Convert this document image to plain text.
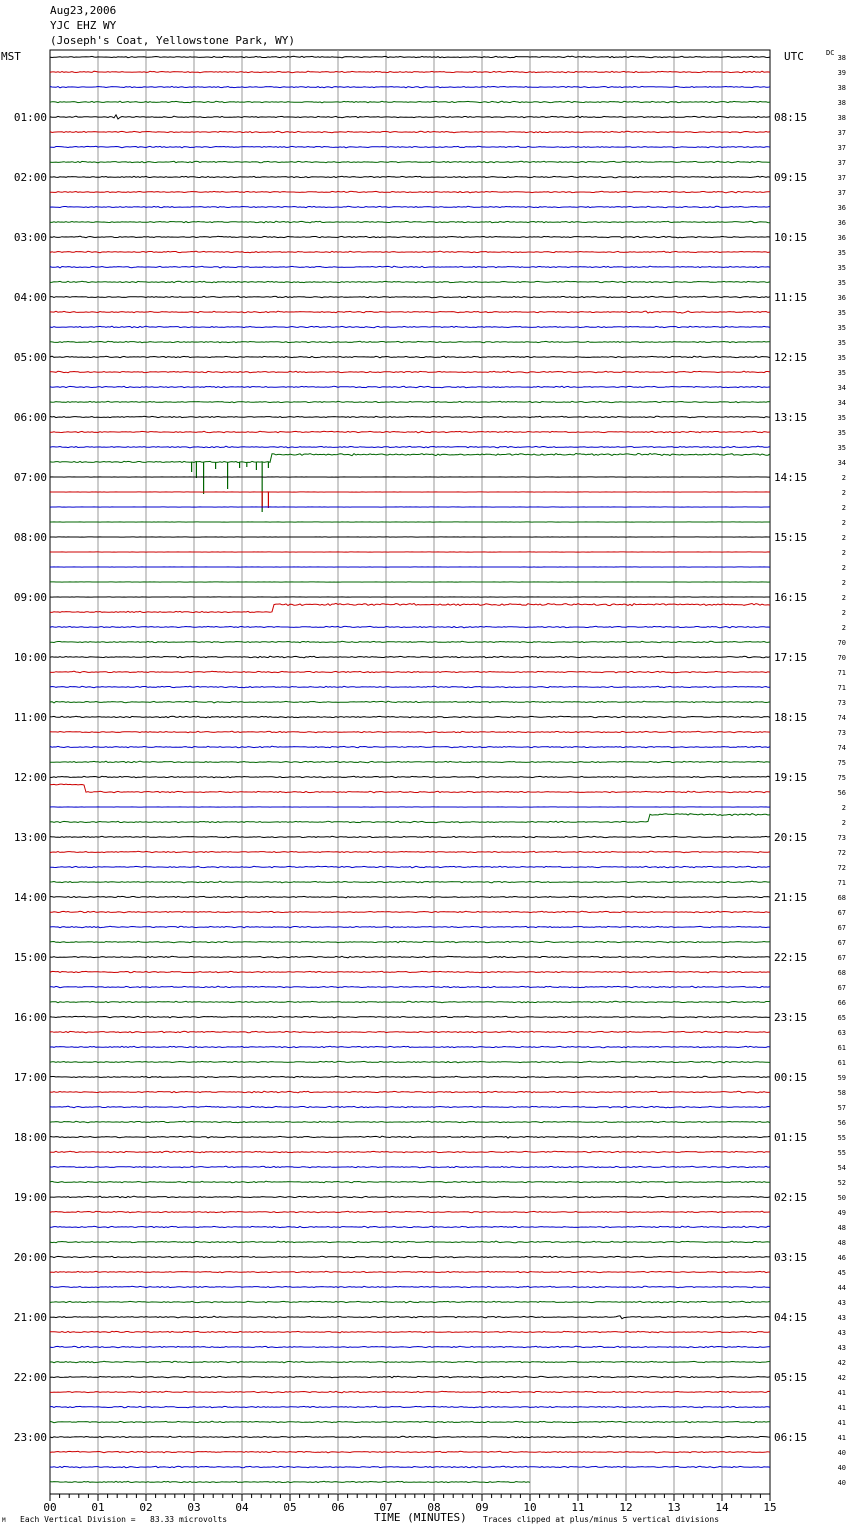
Aug23,2006
YJC EHZ WY
(Joseph's Coat, Yellowstone Park, WY)
MST	UTC	DC
00	01	02	03	04	05	06	07	08	09	10	11	12	13	14	15
38
39
38
38
38
37
37
37
37
37
36
36
36
35
35
35
36
35
35
35
35
35
34
34
35
35
35
34
2
2
2
2
2
2
2
2
2
2
2
70
70
71
71
73
74
73
74
75
75
56
2
2
73
72
72
71
68
67
67
67
67
68
67
66
65
63
61
61
59
58
57
56
55
55
54
52
50
49
48
48
46
45
44
43
43
43
43
42
42
41
41
41
41
40
40
40
01:00	08:15
02:00	09:15
03:00	10:15
04:00	11:15
05:00	12:15
06:00	13:15
07:00	14:15
08:00	15:15
09:00	16:15
10:00	17:15
11:00	18:15
12:00	19:15
13:00	20:15
14:00	21:15
15:00	22:15
16:00	23:15
17:00	00:15
18:00	01:15
19:00	02:15
20:00	03:15
21:00	04:15
22:00	05:15
23:00	06:15
M Each Vertical Division =   83.33 microvolts	TIME (MINUTES) Traces clipped at plus/minus 5 vertical divisions
